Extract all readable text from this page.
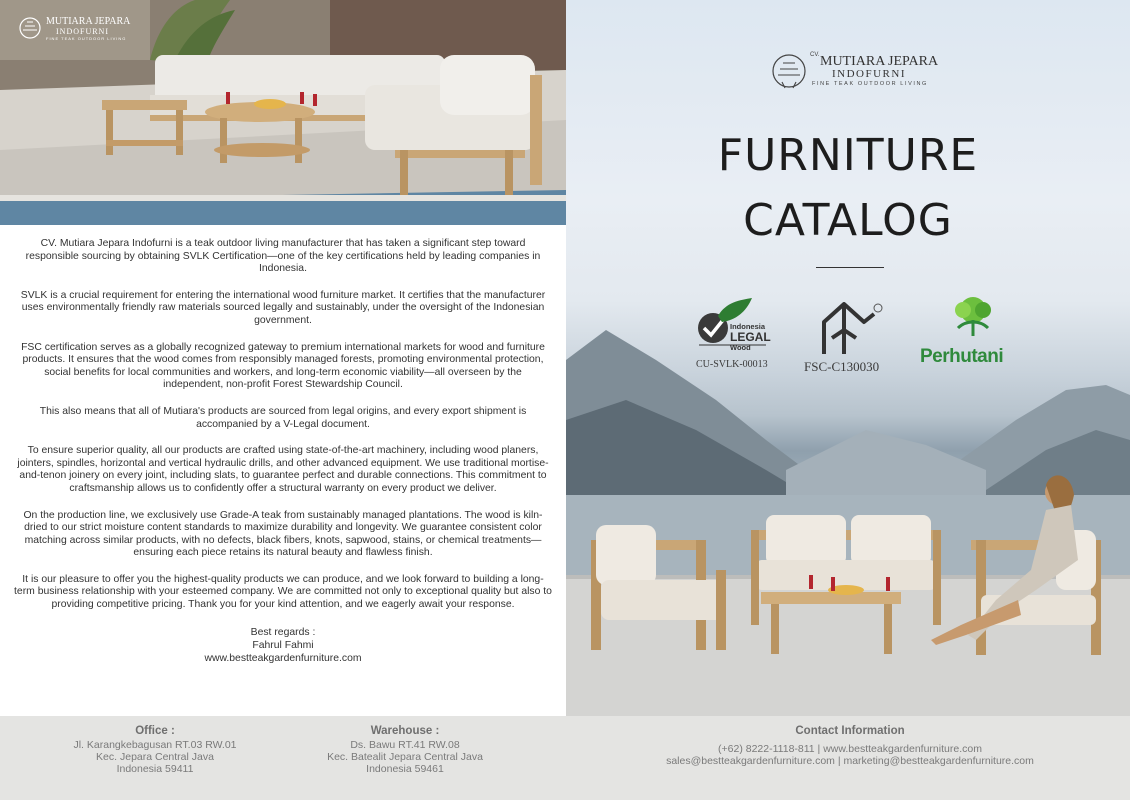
MUTIARA JEPARA
INDOFURNI
FINE TEAK OUTDOOR LIVING

CV. Mutiara Jepara Indofurni is a teak outdoor living manufacturer that has taken a significant step toward responsible sourcing by obtaining SVLK Certification—one of the key certifications held by leading companies in Indonesia.

SVLK is a crucial requirement for entering the international wood furniture market. It certifies that the manufacturer uses environmentally friendly raw materials sourced legally and sustainably, under the oversight of the Indonesian government.

FSC certification serves as a globally recognized gateway to premium international markets for wood and furniture products. It ensures that the wood comes from responsibly managed forests, promoting environmental protection, social benefits for local communities and workers, and long-term economic viability—all overseen by the independent, non-profit Forest Stewardship Council.

This also means that all of Mutiara's products are sourced from legal origins, and every export shipment is accompanied by a V-Legal document.

To ensure superior quality, all our products are crafted using state-of-the-art machinery, including wood planers, jointers, spindles, horizontal and vertical hydraulic drills, and other advanced equipment. We use traditional mortise-and-tenon joinery on every joint, including slats, to guarantee perfect and durable connections. This commitment to craftsmanship allows us to confidently offer a structural warranty on every product we deliver.

On the production line, we exclusively use Grade-A teak from sustainably managed plantations. The wood is kiln-dried to our strict moisture content standards to maximize durability and longevity. We guarantee consistent color matching across similar products, with no defects, black fibers, knots, sapwood, stains, or chemical treatments—ensuring each piece retains its natural beauty and flawless finish.

It is our pleasure to offer you the highest-quality products we can produce, and we look forward to building a long-term business relationship with your esteemed company. We are committed not only to exceptional quality but also to providing competitive pricing. Thank you for your kind attention, and we eagerly await your response.

Best regards :
Fahrul Fahmi
www.bestteakgardenfurniture.com
CV. MUTIARA JEPARA
INDOFURNI
FINE TEAK OUTDOOR LIVING
FURNITURE
CATALOG
Indonesia
LEGAL
Wood
CU-SVLK-00013	FSC-C130030 Perhutani
Office :
Jl. Karangkebagusan RT.03 RW.01
Kec. Jepara Central Java
Indonesia 59411
Warehouse :
Ds. Bawu RT.41 RW.08
Kec. Batealit Jepara Central Java
Indonesia 59461
Contact Information
(+62) 8222-1118-811 | www.bestteakgardenfurniture.com
sales@bestteakgardenfurniture.com | marketing@bestteakgardenfurniture.com
